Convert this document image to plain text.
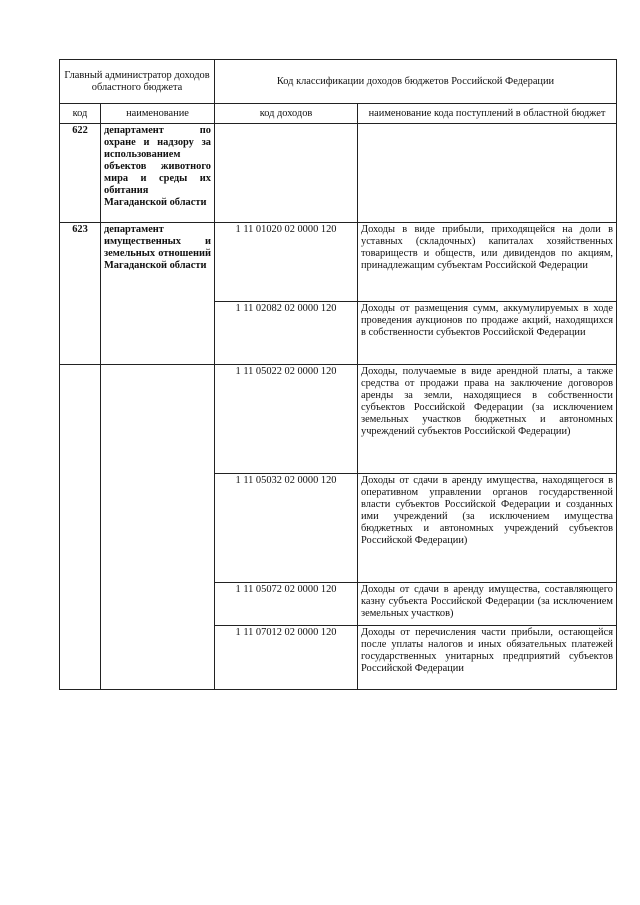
Главный администратор доходов областного бюджета		Код классификации доходов бюджетов Российской Федерации	
код	наименование	код доходов	наименование кода поступлений в областной бюджет
622	департамент по охране и надзору за использованием объектов животного мира и среды их обитания Магаданской области		
623	департамент имущественных и земельных отношений Магаданской области	1 11 01020 02 0000 120	Доходы в виде прибыли, приходящейся на доли в уставных (складочных) капиталах хозяйственных товариществ и обществ, или дивидендов по акциям, принадлежащим субъектам Российской Федерации
		1 11 02082 02 0000 120	Доходы от размещения сумм, аккумулируемых в ходе проведения аукционов по продаже акций, находящихся в собственности субъектов Российской Федерации
		1 11 05022 02 0000 120	Доходы, получаемые в виде арендной платы, а также средства от продажи права на заключение договоров аренды за земли, находящиеся в собственности субъектов Российской Федерации (за исключением земельных участков бюджетных и автономных учреждений субъектов Российской Федерации)
		1 11 05032 02 0000 120	Доходы от сдачи в аренду имущества, находящегося в оперативном управлении органов государственной власти субъектов Российской Федерации и созданных ими учреждений (за исключением имущества бюджетных и автономных учреждений субъектов Российской Федерации)
		1 11 05072 02 0000 120	Доходы от сдачи в аренду имущества, составляющего казну субъекта Российской Федерации (за исключением земельных участков)
		1 11 07012 02 0000 120	Доходы от перечисления части прибыли, остающейся после уплаты налогов и иных обязательных платежей государственных унитарных предприятий субъектов Российской Федерации
